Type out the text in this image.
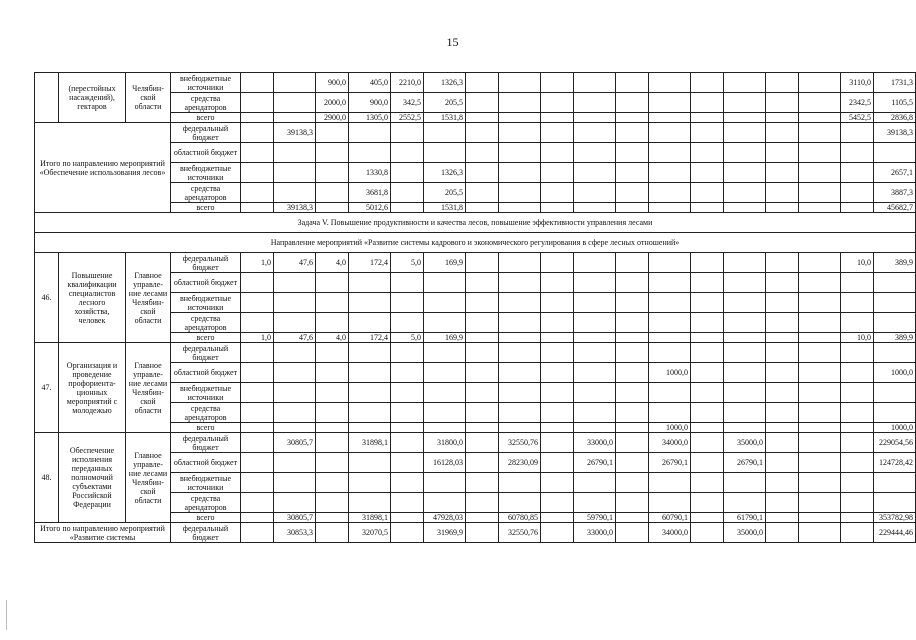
15
	(перестойных насаждений), гектаров	Челябин-ской области	внебюджетные источники			900,0	405,0	2210,0	1326,3											3110,0	1731,3
			средства арендаторов			2000,0	900,0	342,5	205,5											2342,5	1105,5
			всего			2900,0	1305,0	2552,5	1531,8											5452,5	2836,8
Итого по направлению мероприятий «Обеспечение использования лесов»			федеральный бюджет		39138,3																39138,3
			областной бюджет																		
			внебюджетные источники				1330,8		1326,3												2657,1
			средства арендаторов				3681,8		205,5												3887,3
			всего		39138,3		5012,6		1531,8												45682,7
Задача V. Повышение продуктивности и качества лесов, повышение эффективности управления лесами																					
Направление мероприятий «Развитие системы кадрового и экономического регулирования в сфере лесных отношений»																					
46.	Повышение квалификации специалистов лесного хозяйства, человек	Главное управле-ние лесами Челябин-ской области	федеральный бюджет	1,0	47,6	4,0	172,4	5,0	169,9											10,0	389,9
			областной бюджет																		
			внебюджетные источники																		
			средства арендаторов																		
			всего	1,0	47,6	4,0	172,4	5,0	169,9											10,0	389,9
47.	Организация и проведение профориента-ционных мероприятий с молодежью	Главное управле-ние лесами Челябин-ской области	федеральный бюджет																		
			областной бюджет												1000,0						1000,0
			внебюджетные источники																		
			средства арендаторов																		
			всего												1000,0						1000,0
48.	Обеспечение исполнения переданных полномочий субъектами Российской Федерации	Главное управле-ние лесами Челябин-ской области	федеральный бюджет		30805,7		31898,1		31800,0		32550,76		33000,0		34000,0		35000,0				229054,56
			областной бюджет						16128,03		28230,09		26790,1		26790,1		26790,1				124728,42
			внебюджетные источники																		
			средства арендаторов																		
			всего		30805,7		31898,1		47928,03		60780,85		59790,1		60790,1		61790,1				353782,98
Итого по направлению мероприятий «Развитие системы			федеральный бюджет		30853,3		32070,5		31969,9		32550,76		33000,0		34000,0		35000,0				229444,46
